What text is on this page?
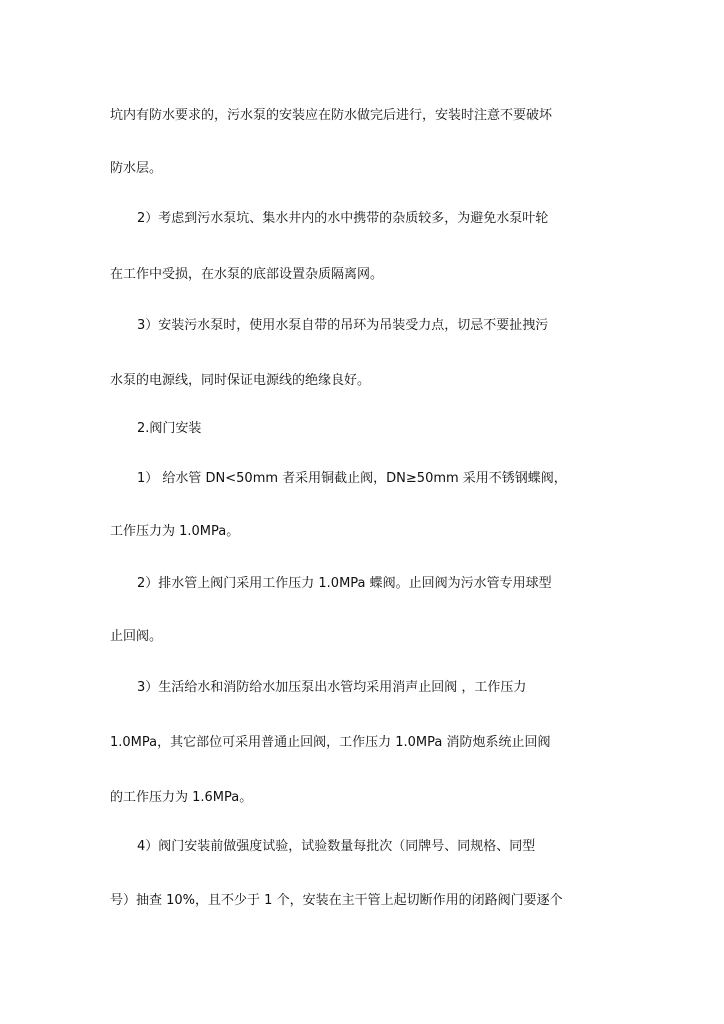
坑内有防水要求的，污水泵的安装应在防水做完后进行，安装时注意不要破坏
防水层。
2）考虑到污水泵坑、集水井内的水中携带的杂质较多，为避免水泵叶轮
在工作中受损，在水泵的底部设置杂质隔离网。
3）安装污水泵时，使用水泵自带的吊环为吊装受力点，切忌不要扯拽污
水泵的电源线，同时保证电源线的绝缘良好。
2.阀门安装
1） 给水管 DN<50mm 者采用铜截止阀，DN≥50mm 采用不锈钢蝶阀，
工作压力为 1.0MPa。
2）排水管上阀门采用工作压力 1.0MPa 蝶阀。止回阀为污水管专用球型
止回阀。
3）生活给水和消防给水加压泵出水管均采用消声止回阀 ，工作压力
1.0MPa，其它部位可采用普通止回阀，工作压力 1.0MPa 消防炮系统止回阀
的工作压力为 1.6MPa。
4）阀门安装前做强度试验，试验数量每批次（同牌号、同规格、同型
号）抽查 10%，且不少于 1 个，安装在主干管上起切断作用的闭路阀门要逐个
